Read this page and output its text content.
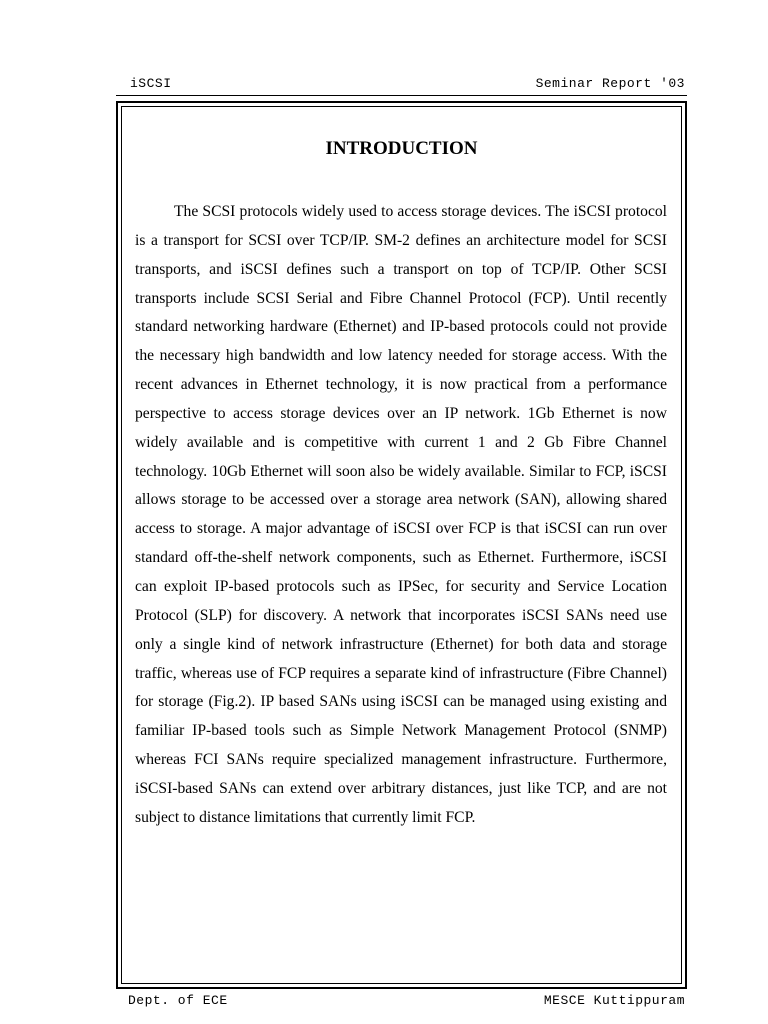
iSCSI	Seminar Report '03
INTRODUCTION

The SCSI protocols widely used to access storage devices. The iSCSI protocol is a transport for SCSI over TCP/IP. SM-2 defines an architecture model for SCSI transports, and iSCSI defines such a transport on top of TCP/IP. Other SCSI transports include SCSI Serial and Fibre Channel Protocol (FCP). Until recently standard networking hardware (Ethernet) and IP-based protocols could not provide the necessary high bandwidth and low latency needed for storage access. With the recent advances in Ethernet technology, it is now practical from a performance perspective to access storage devices over an IP network. 1Gb Ethernet is now widely available and is competitive with current 1 and 2 Gb Fibre Channel technology. 10Gb Ethernet will soon also be widely available. Similar to FCP, iSCSI allows storage to be accessed over a storage area network (SAN), allowing shared access to storage. A major advantage of iSCSI over FCP is that iSCSI can run over standard off-the-shelf network components, such as Ethernet. Furthermore, iSCSI can exploit IP-based protocols such as IPSec, for security and Service Location Protocol (SLP) for discovery. A network that incorporates iSCSI SANs need use only a single kind of network infrastructure (Ethernet) for both data and storage traffic, whereas use of FCP requires a separate kind of infrastructure (Fibre Channel) for storage (Fig.2). IP based SANs using iSCSI can be managed using existing and familiar IP-based tools such as Simple Network Management Protocol (SNMP) whereas FCI SANs require specialized management infrastructure. Furthermore, iSCSI-based SANs can extend over arbitrary distances, just like TCP, and are not subject to distance limitations that currently limit FCP.

Dept. of ECE	MESCE Kuttippuram
